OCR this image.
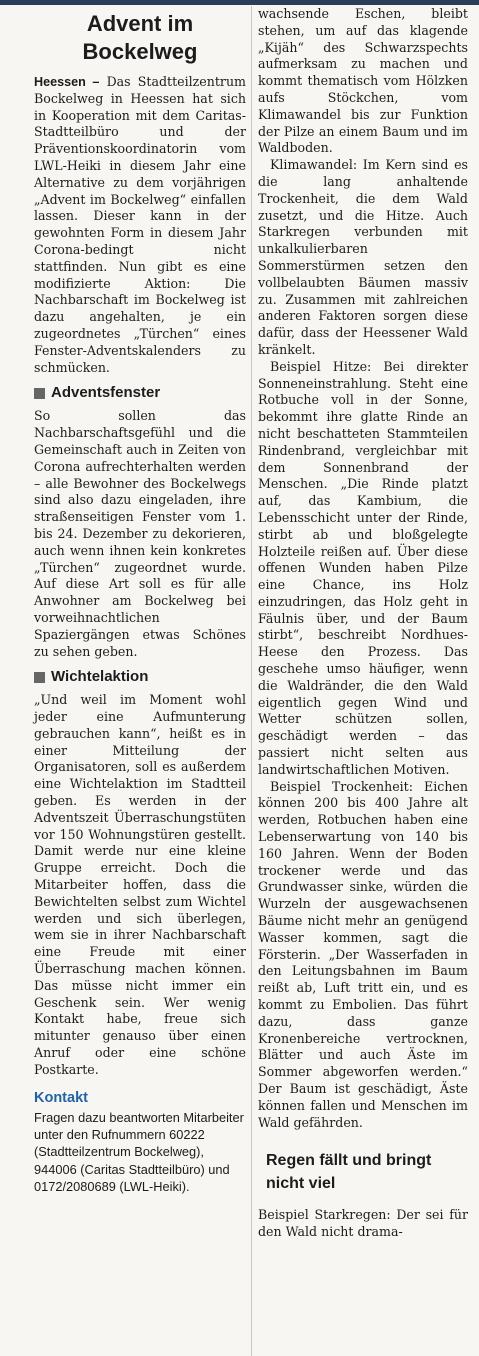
Advent im Bockelweg

Heessen – Das Stadtteilzentrum Bockelweg in Heessen hat sich in Kooperation mit dem Caritas-Stadtteilbüro und der Präventionskoordinatorin vom LWL-Heiki in diesem Jahr eine Alternative zu dem vorjährigen „Advent im Bockelweg“ einfallen lassen. Dieser kann in der gewohnten Form in diesem Jahr Corona-bedingt nicht stattfinden. Nun gibt es eine modifizierte Aktion: Die Nachbarschaft im Bockelweg ist dazu angehalten, je ein zugeordnetes „Türchen“ eines Fenster-Adventskalenders zu schmücken.

Adventsfenster

So sollen das Nachbarschaftsgefühl und die Gemeinschaft auch in Zeiten von Corona aufrechterhalten werden – alle Bewohner des Bockelwegs sind also dazu eingeladen, ihre straßenseitigen Fenster vom 1. bis 24. Dezember zu dekorieren, auch wenn ihnen kein konkretes „Türchen“ zugeordnet wurde. Auf diese Art soll es für alle Anwohner am Bockelweg bei vorweihnachtlichen Spaziergängen etwas Schönes zu sehen geben.

Wichtelaktion

„Und weil im Moment wohl jeder eine Aufmunterung gebrauchen kann“, heißt es in einer Mitteilung der Organisatoren, soll es außerdem eine Wichtelaktion im Stadtteil geben. Es werden in der Adventszeit Überraschungstüten vor 150 Wohnungstüren gestellt. Damit werde nur eine kleine Gruppe erreicht. Doch die Mitarbeiter hoffen, dass die Bewichtelten selbst zum Wichtel werden und sich überlegen, wem sie in ihrer Nachbarschaft eine Freude mit einer Überraschung machen können. Das müsse nicht immer ein Geschenk sein. Wer wenig Kontakt habe, freue sich mitunter genauso über einen Anruf oder eine schöne Postkarte.

Kontakt

Fragen dazu beantworten Mitarbeiter unter den Rufnummern 60222 (Stadtteilzentrum Bockelweg), 944006 (Caritas Stadtteilbüro) und 0172/2080689 (LWL-Heiki).

wachsende Eschen, bleibt stehen, um auf das klagende „Kijäh“ des Schwarzspechts aufmerksam zu machen und kommt thematisch vom Hölzken aufs Stöckchen, vom Klimawandel bis zur Funktion der Pilze an einem Baum und im Waldboden.

Klimawandel: Im Kern sind es die lang anhaltende Trockenheit, die dem Wald zusetzt, und die Hitze. Auch Starkregen verbunden mit unkalkulierbaren Sommerstürmen setzen den vollbelaubten Bäumen massiv zu. Zusammen mit zahlreichen anderen Faktoren sorgen diese dafür, dass der Heessener Wald kränkelt.

Beispiel Hitze: Bei direkter Sonneneinstrahlung. Steht eine Rotbuche voll in der Sonne, bekommt ihre glatte Rinde an nicht beschatteten Stammteilen Rindenbrand, vergleichbar mit dem Sonnenbrand der Menschen. „Die Rinde platzt auf, das Kambium, die Lebensschicht unter der Rinde, stirbt ab und bloßgelegte Holzteile reißen auf. Über diese offenen Wunden haben Pilze eine Chance, ins Holz einzudringen, das Holz geht in Fäulnis über, und der Baum stirbt“, beschreibt Nordhues-Heese den Prozess. Das geschehe umso häufiger, wenn die Waldränder, die den Wald eigentlich gegen Wind und Wetter schützen sollen, geschädigt werden – das passiert nicht selten aus landwirtschaftlichen Motiven.

Beispiel Trockenheit: Eichen können 200 bis 400 Jahre alt werden, Rotbuchen haben eine Lebenserwartung von 140 bis 160 Jahren. Wenn der Boden trockener werde und das Grundwasser sinke, würden die Wurzeln der ausgewachsenen Bäume nicht mehr an genügend Wasser kommen, sagt die Försterin. „Der Wasserfaden in den Leitungsbahnen im Baum reißt ab, Luft tritt ein, und es kommt zu Embolien. Das führt dazu, dass ganze Kronenbereiche vertrocknen, Blätter und auch Äste im Sommer abgeworfen werden.“ Der Baum ist geschädigt, Äste können fallen und Menschen im Wald gefährden.

Regen fällt und bringt nicht viel

Beispiel Starkregen: Der sei für den Wald nicht drama-
